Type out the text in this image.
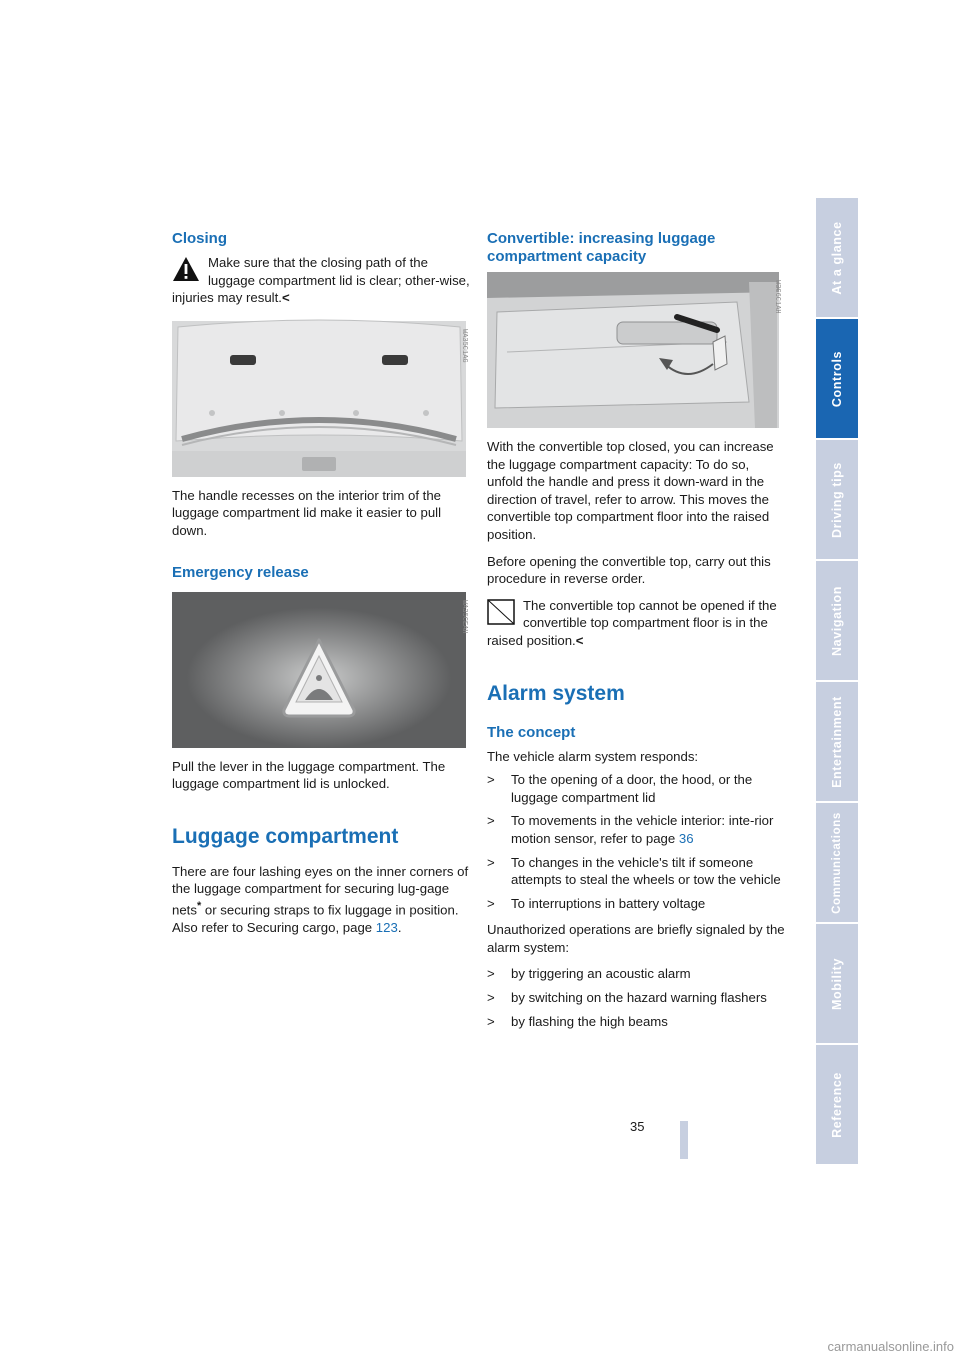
Closing
Make sure that the closing path of the luggage compartment lid is clear; other-wise, injuries may result.<
WA35C1AG

The handle recesses on the interior trim of the luggage compartment lid make it easier to pull down.

Emergency release
WA35CEAH

Pull the lever in the luggage compartment. The luggage compartment lid is unlocked.

Luggage compartment

There are four lashing eyes on the inner corners of the luggage compartment for securing lug-gage nets* or securing straps to fix luggage in position.

Also refer to Securing cargo, page 123.

Convertible: increasing luggage compartment capacity
W3C6C1AH

With the convertible top closed, you can increase the luggage compartment capacity: To do so, unfold the handle and press it down-ward in the direction of travel, refer to arrow. This moves the convertible top compartment floor into the raised position.

Before opening the convertible top, carry out this procedure in reverse order.

The convertible top cannot be opened if the convertible top compartment floor is in the raised position.<
Alarm system
The concept

The vehicle alarm system responds:

> To the opening of a door, the hood, or the luggage compartment lid
> To movements in the vehicle interior: inte-rior motion sensor, refer to page 36
> To changes in the vehicle's tilt if someone attempts to steal the wheels or tow the vehicle
> To interruptions in battery voltage

Unauthorized operations are briefly signaled by the alarm system:

> by triggering an acoustic alarm
> by switching on the hazard warning flashers
> by flashing the high beams
At a glance
Controls
Driving tips
Navigation
Entertainment
Communications
Mobility
Reference
35
carmanualsonline.info
